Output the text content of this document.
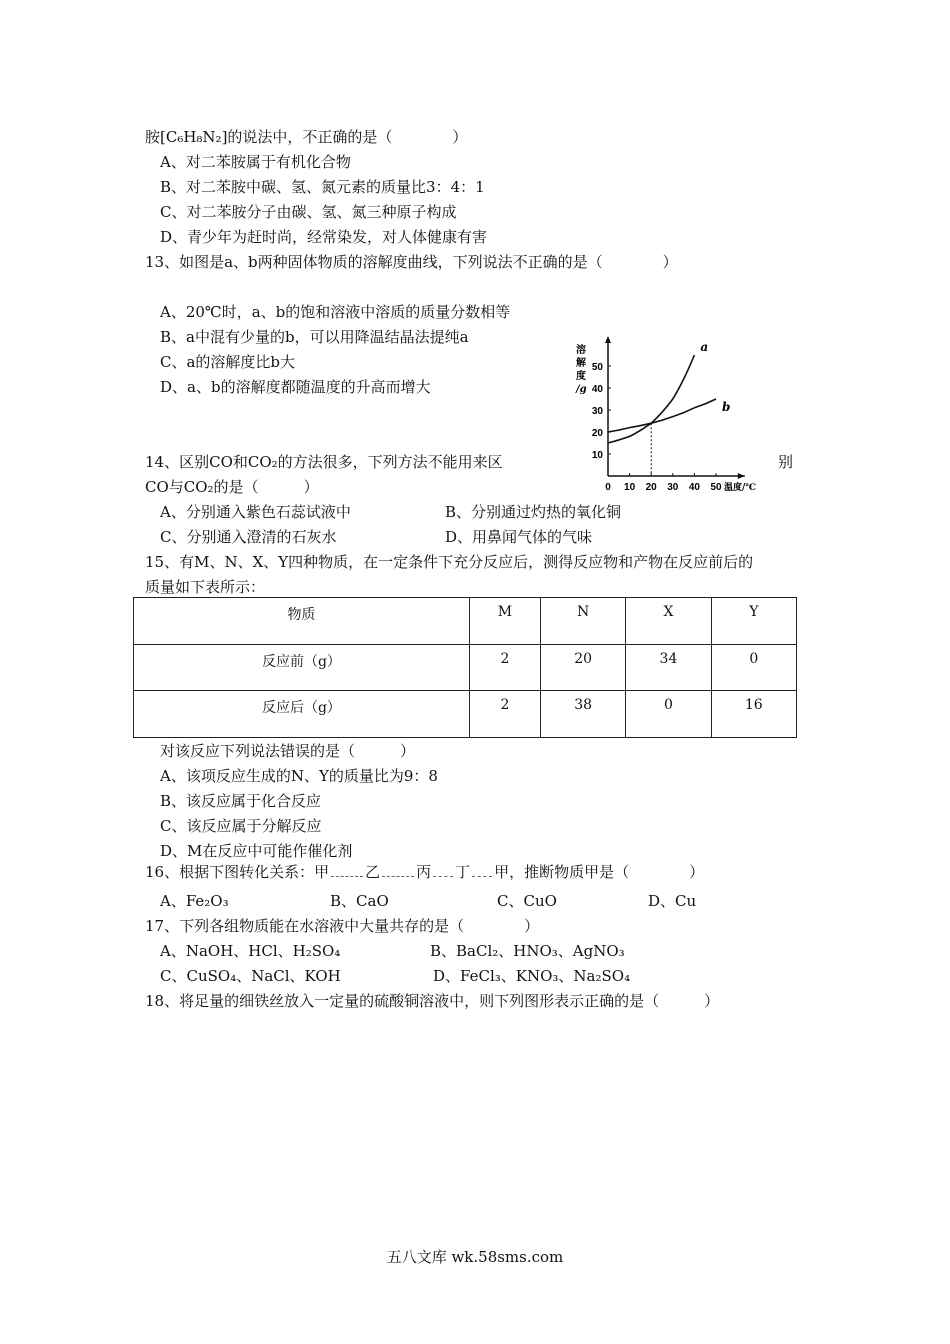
胺[C₆H₈N₂]的说法中，不正确的是（　　　　）
A、对二苯胺属于有机化合物
B、对二苯胺中碳、氢、氮元素的质量比3：4：1
C、对二苯胺分子由碳、氢、氮三种原子构成
D、青少年为赶时尚，经常染发，对人体健康有害
13、如图是a、b两种固体物质的溶解度曲线，下列说法不正确的是（　　　　）
A、20℃时，a、b的饱和溶液中溶质的质量分数相等
B、a中混有少量的b，可以用降温结晶法提纯a
C、a的溶解度比b大
D、a、b的溶解度都随温度的升高而增大
0 10 20 30 40 50
10
20
30
40
50
溶
解
度
/g
温度/℃
a
b
14、区别CO和CO₂的方法很多，下列方法不能用来区	别
CO与CO₂的是（　　　）
A、分别通入紫色石蕊试液中	B、分别通过灼热的氧化铜
C、分别通入澄清的石灰水	D、用鼻闻气体的气味
15、有M、N、X、Y四种物质，在一定条件下充分反应后，测得反应物和产物在反应前后的
质量如下表所示：
物质	M	N	X	Y
反应前（g）	2	20	34	0
反应后（g）	2	38	0	16
对该反应下列说法错误的是（　　　）
A、该项反应生成的N、Y的质量比为9：8
B、该反应属于化合反应
C、该反应属于分解反应
D、M在反应中可能作催化剂
16、根据下图转化关系：甲 乙 丙 丁 甲，推断物质甲是（　　　　）
A、Fe₂O₃	B、CaO	C、CuO	D、Cu
17、下列各组物质能在水溶液中大量共存的是（　　　　）
A、NaOH、HCl、H₂SO₄	B、BaCl₂、HNO₃、AgNO₃
C、CuSO₄、NaCl、KOH	D、FeCl₃、KNO₃、Na₂SO₄
18、将足量的细铁丝放入一定量的硫酸铜溶液中，则下列图形表示正确的是（　　　）
五八文库 wk.58sms.com
